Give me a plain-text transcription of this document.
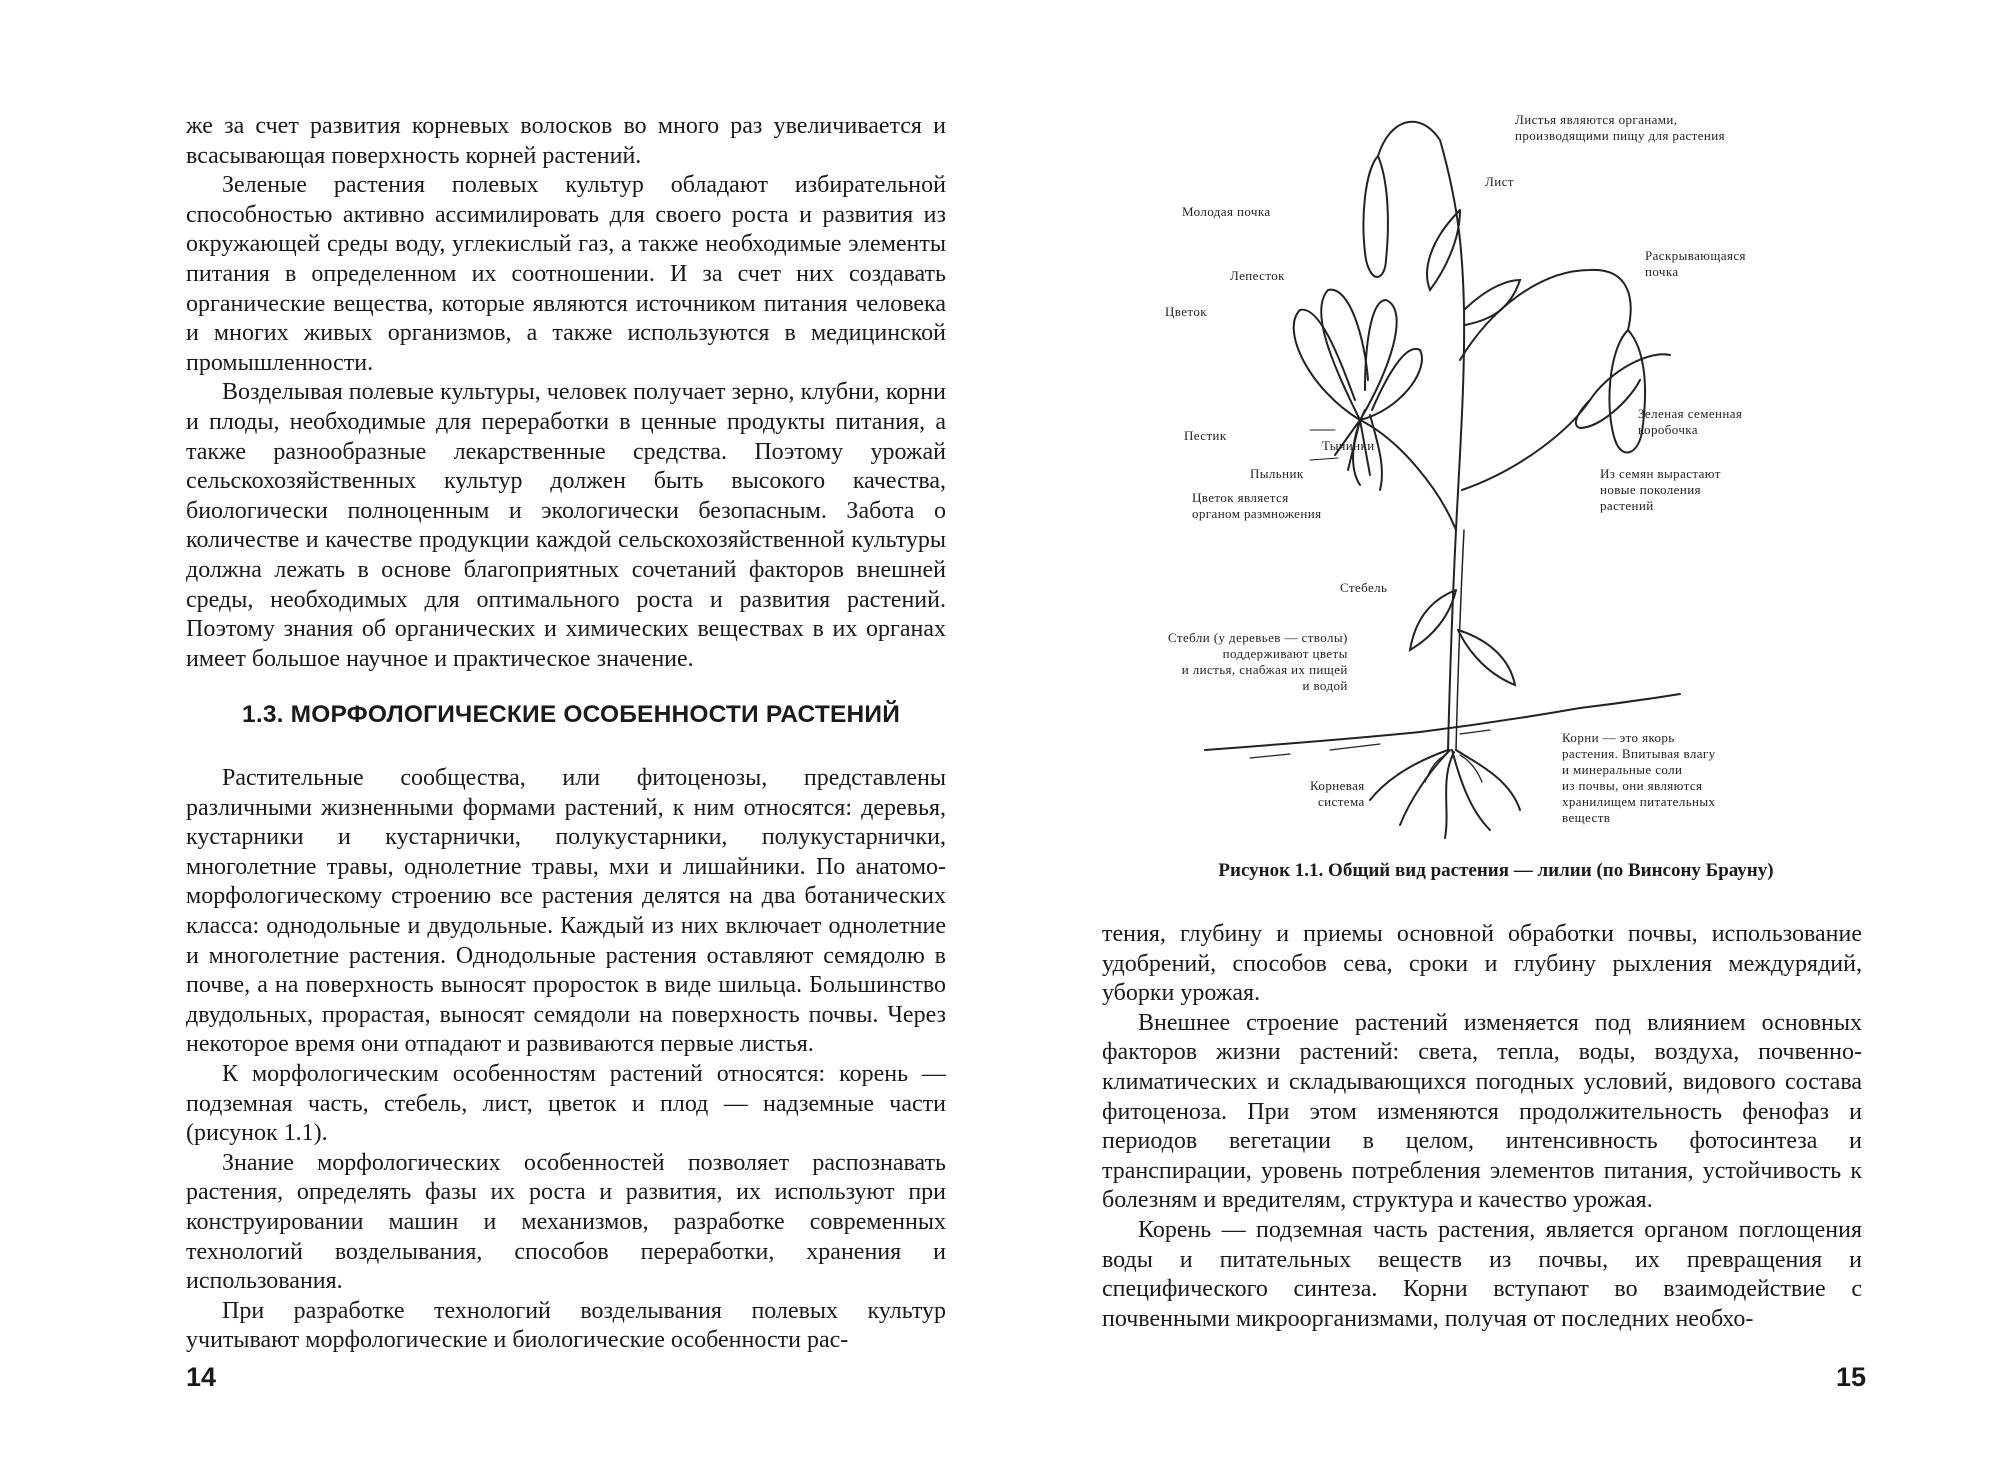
же за счет развития корневых волосков во много раз увеличивается и всасывающая поверхность корней растений.

Зеленые растения полевых культур обладают избирательной способностью активно ассимилировать для своего роста и развития из окружающей среды воду, углекислый газ, а также необходимые элементы питания в определенном их соотношении. И за счет них создавать органические вещества, которые являются источником питания человека и многих живых организмов, а также используются в медицинской промышленности.

Возделывая полевые культуры, человек получает зерно, клубни, корни и плоды, необходимые для переработки в ценные продукты питания, а также разнообразные лекарственные средства. Поэтому урожай сельскохозяйственных культур должен быть высокого качества, биологически полноценным и экологически безопасным. Забота о количестве и качестве продукции каждой сельскохозяйственной культуры должна лежать в основе благоприятных сочетаний факторов внешней среды, необходимых для оптимального роста и развития растений. Поэтому знания об органических и химических веществах в их органах имеет большое научное и практическое значение.

1.3. МОРФОЛОГИЧЕСКИЕ ОСОБЕННОСТИ РАСТЕНИЙ

Растительные сообщества, или фитоценозы, представлены различными жизненными формами растений, к ним относятся: деревья, кустарники и кустарнички, полукустарники, полукустарнички, многолетние травы, однолетние травы, мхи и лишайники. По анатомо-морфологическому строению все растения делятся на два ботанических класса: однодольные и двудольные. Каждый из них включает однолетние и многолетние растения. Однодольные растения оставляют семядолю в почве, а на поверхность выносят проросток в виде шильца. Большинство двудольных, прорастая, выносят семядоли на поверхность почвы. Через некоторое время они отпадают и развиваются первые листья.

К морфологическим особенностям растений относятся: корень — подземная часть, стебель, лист, цветок и плод — надземные части (рисунок 1.1).

Знание морфологических особенностей позволяет распознавать растения, определять фазы их роста и развития, их используют при конструировании машин и механизмов, разработке современных технологий возделывания, способов переработки, хранения и использования.

При разработке технологий возделывания полевых культур учитывают морфологические и биологические особенности рас-

14
Листья являются органами,
производящими пищу для растения
Лист
Молодая почка
Раскрывающаяся
почка
Лепесток
Цветок
Зеленая семенная
коробочка
Пестик
Тычинки
Пыльник	Из семян вырастают
новые поколения
растений
Цветок является
органом размножения
Стебель
Стебли (у деревьев — стволы)
поддерживают цветы
и листья, снабжая их пищей
и водой
Корни — это якорь
растения. Впитывая влагу
и минеральные соли
из почвы, они являются
хранилищем питательных
веществ
Корневая
система
Рисунок 1.1. Общий вид растения — лилии (по Винсону Брауну)

тения, глубину и приемы основной обработки почвы, использование удобрений, способов сева, сроки и глубину рыхления междурядий, уборки урожая.

Внешнее строение растений изменяется под влиянием основных факторов жизни растений: света, тепла, воды, воздуха, почвенно-климатических и складывающихся погодных условий, видового состава фитоценоза. При этом изменяются продолжительность фенофаз и периодов вегетации в целом, интенсивность фотосинтеза и транспирации, уровень потребления элементов питания, устойчивость к болезням и вредителям, структура и качество урожая.

Корень — подземная часть растения, является органом поглощения воды и питательных веществ из почвы, их превращения и специфического синтеза. Корни вступают во взаимодействие с почвенными микроорганизмами, получая от последних необхо-

15
